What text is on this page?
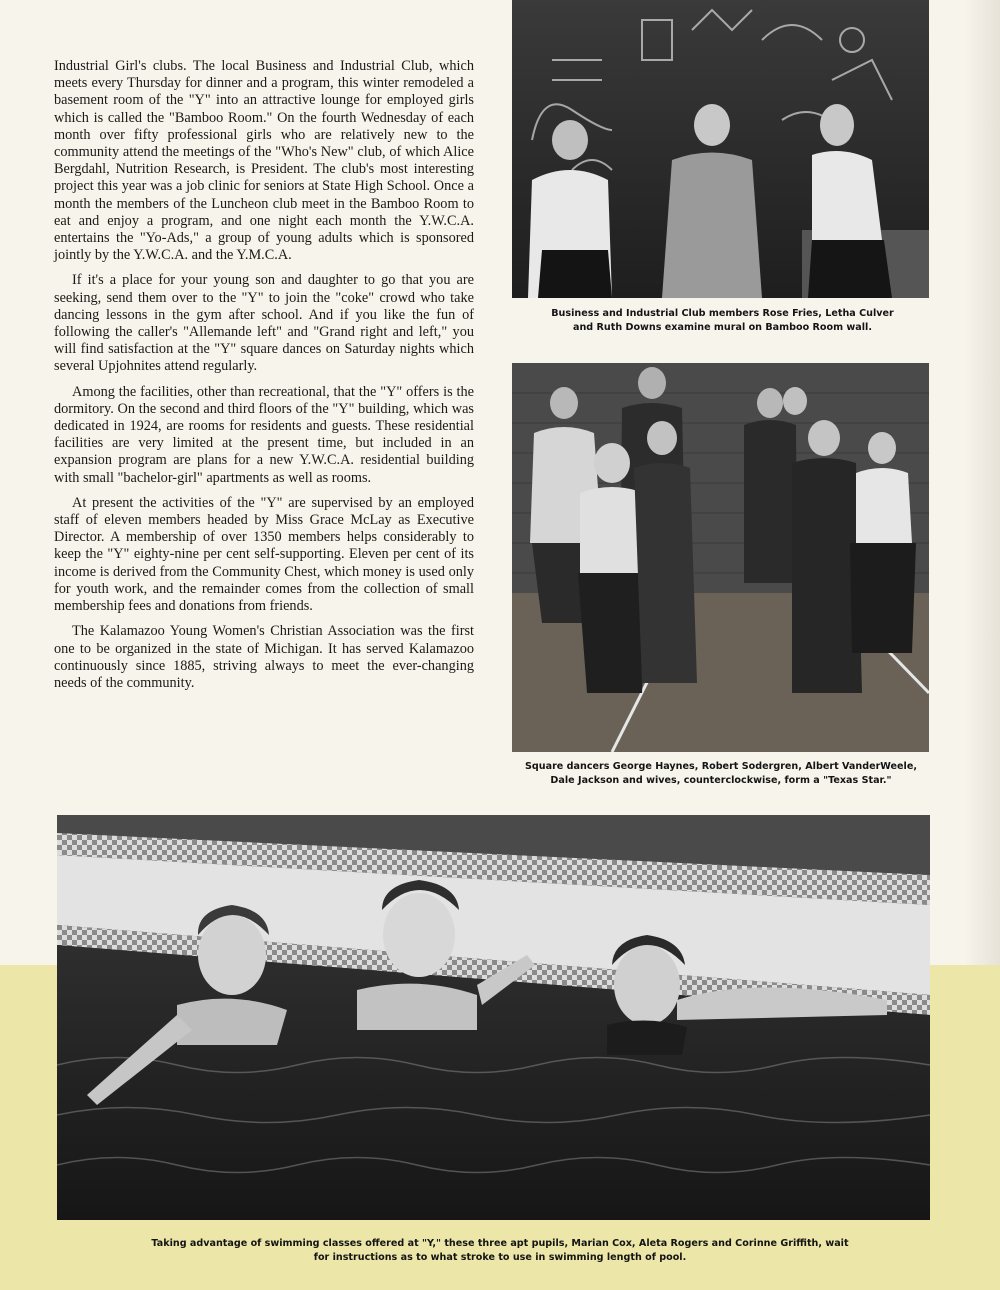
Industrial Girl's clubs. The local Business and Industrial Club, which meets every Thursday for dinner and a program, this winter remodeled a basement room of the "Y" into an attractive lounge for employed girls which is called the "Bamboo Room." On the fourth Wednesday of each month over fifty professional girls who are relatively new to the community attend the meetings of the "Who's New" club, of which Alice Bergdahl, Nutrition Research, is President. The club's most interesting project this year was a job clinic for seniors at State High School. Once a month the members of the Luncheon club meet in the Bamboo Room to eat and enjoy a program, and one night each month the Y.W.C.A. entertains the "Yo-Ads," a group of young adults which is sponsored jointly by the Y.W.C.A. and the Y.M.C.A.

If it's a place for your young son and daughter to go that you are seeking, send them over to the "Y" to join the "coke" crowd who take dancing lessons in the gym after school. And if you like the fun of following the caller's "Allemande left" and "Grand right and left," you will find satisfaction at the "Y" square dances on Saturday nights which several Upjohnites attend regularly.

Among the facilities, other than recreational, that the "Y" offers is the dormitory. On the second and third floors of the "Y" building, which was dedicated in 1924, are rooms for residents and guests. These residential facilities are very limited at the present time, but included in an expansion program are plans for a new Y.W.C.A. residential building with small "bachelor-girl" apartments as well as rooms.

At present the activities of the "Y" are supervised by an employed staff of eleven members headed by Miss Grace McLay as Executive Director. A membership of over 1350 members helps considerably to keep the "Y" eighty-nine per cent self-supporting. Eleven per cent of its income is derived from the Community Chest, which money is used only for youth work, and the remainder comes from the collection of small membership fees and donations from friends.

The Kalamazoo Young Women's Christian Association was the first one to be organized in the state of Michigan. It has served Kalamazoo continuously since 1885, striving always to meet the ever-changing needs of the community.

Business and Industrial Club members Rose Fries, Letha Culver and Ruth Downs examine mural on Bamboo Room wall.
Square dancers George Haynes, Robert Sodergren, Albert VanderWeele, Dale Jackson and wives, counterclockwise, form a "Texas Star."
Taking advantage of swimming classes offered at "Y," these three apt pupils, Marian Cox, Aleta Rogers and Corinne Griffith, wait for instructions as to what stroke to use in swimming length of pool.
